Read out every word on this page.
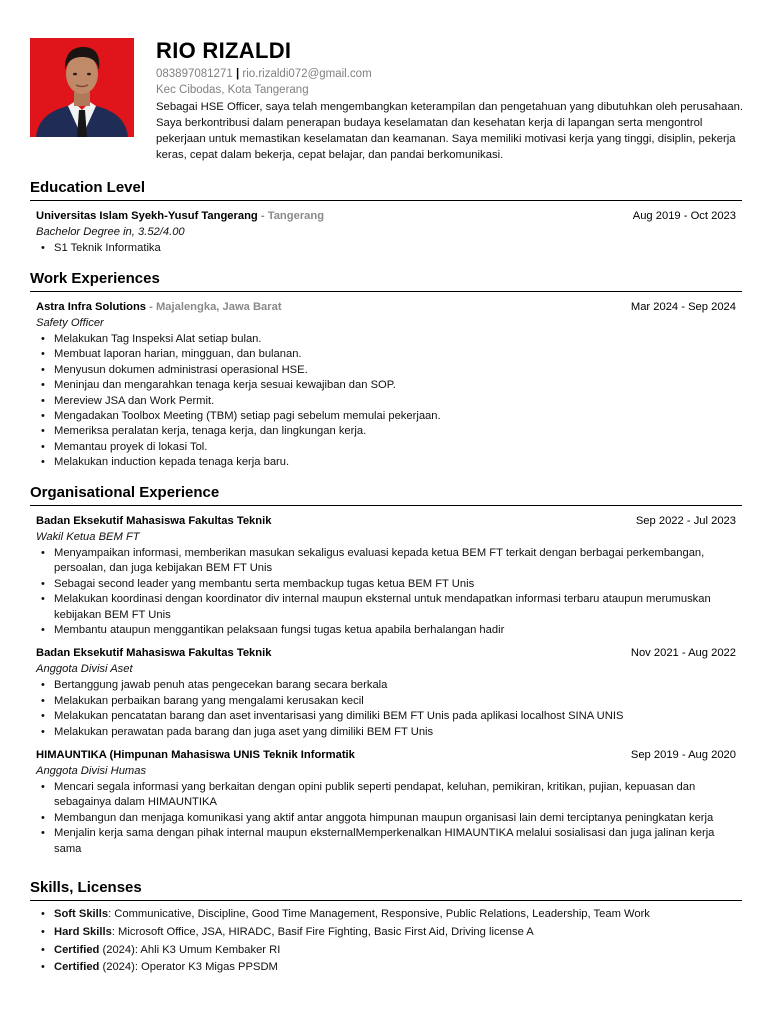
RIO RIZALDI
083897081271 | rio.rizaldi072@gmail.com
Kec Cibodas, Kota Tangerang
Sebagai HSE Officer, saya telah mengembangkan keterampilan dan pengetahuan yang dibutuhkan oleh perusahaan. Saya berkontribusi dalam penerapan budaya keselamatan dan kesehatan kerja di lapangan serta mengontrol pekerjaan untuk memastikan keselamatan dan keamanan. Saya memiliki motivasi kerja yang tinggi, disiplin, pekerja keras, cepat dalam bekerja, cepat belajar, dan pandai berkomunikasi.
Education Level
Universitas Islam Syekh-Yusuf Tangerang - Tangerang	Aug 2019 - Oct 2023
Bachelor Degree in, 3.52/4.00
• S1 Teknik Informatika
Work Experiences
Astra Infra Solutions - Majalengka, Jawa Barat	Mar 2024 - Sep 2024
Safety Officer
• Melakukan Tag Inspeksi Alat setiap bulan.
• Membuat laporan harian, mingguan, dan bulanan.
• Menyusun dokumen administrasi operasional HSE.
• Meninjau dan mengarahkan tenaga kerja sesuai kewajiban dan SOP.
• Mereview JSA dan Work Permit.
• Mengadakan Toolbox Meeting (TBM) setiap pagi sebelum memulai pekerjaan.
• Memeriksa peralatan kerja, tenaga kerja, dan lingkungan kerja.
• Memantau proyek di lokasi Tol.
• Melakukan induction kepada tenaga kerja baru.
Organisational Experience
Badan Eksekutif Mahasiswa Fakultas Teknik	Sep 2022 - Jul 2023
Wakil Ketua BEM FT
• Menyampaikan informasi, memberikan masukan sekaligus evaluasi kepada ketua BEM FT terkait dengan berbagai perkembangan, persoalan, dan juga kebijakan BEM FT Unis
• Sebagai second leader yang membantu serta membackup tugas ketua BEM FT Unis
• Melakukan koordinasi dengan koordinator div internal maupun eksternal untuk mendapatkan informasi terbaru ataupun merumuskan kebijakan BEM FT Unis
• Membantu ataupun menggantikan pelaksaan fungsi tugas ketua apabila berhalangan hadir
Badan Eksekutif Mahasiswa Fakultas Teknik	Nov 2021 - Aug 2022
Anggota Divisi Aset
• Bertanggung jawab penuh atas pengecekan barang secara berkala
• Melakukan perbaikan barang yang mengalami kerusakan kecil
• Melakukan pencatatan barang dan aset inventarisasi yang dimiliki BEM FT Unis pada aplikasi localhost SINA UNIS
• Melakukan perawatan pada barang dan juga aset yang dimiliki BEM FT Unis
HIMAUNTIKA (Himpunan Mahasiswa UNIS Teknik Informatik	Sep 2019 - Aug 2020
Anggota Divisi Humas
• Mencari segala informasi yang berkaitan dengan opini publik seperti pendapat, keluhan, pemikiran, kritikan, pujian, kepuasan dan sebagainya dalam HIMAUNTIKA
• Membangun dan menjaga komunikasi yang aktif antar anggota himpunan maupun organisasi lain demi terciptanya peningkatan kerja
• Menjalin kerja sama dengan pihak internal maupun eksternalMemperkenalkan HIMAUNTIKA melalui sosialisasi dan juga jalinan kerja sama
Skills, Licenses
• Soft Skills: Communicative, Discipline, Good Time Management, Responsive, Public Relations, Leadership, Team Work
• Hard Skills: Microsoft Office, JSA, HIRADC, Basif Fire Fighting, Basic First Aid, Driving license A
• Certified (2024): Ahli K3 Umum Kembaker RI
• Certified (2024): Operator K3 Migas PPSDM
